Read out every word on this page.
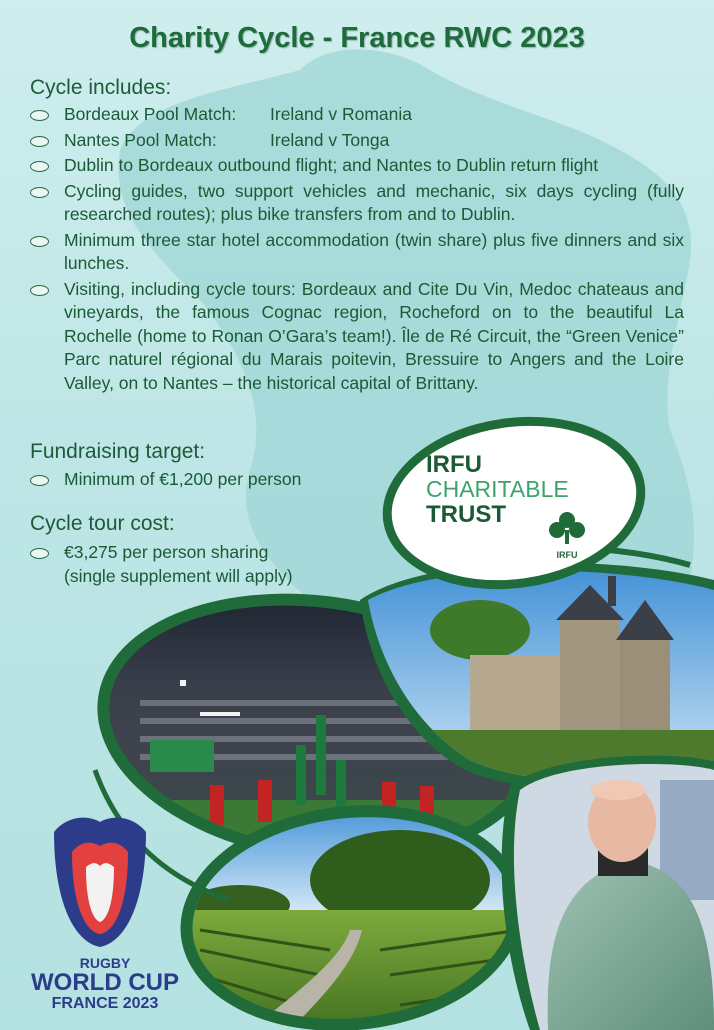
Charity Cycle - France RWC 2023
Cycle includes:
Bordeaux Pool Match: Ireland v Romania
Nantes Pool Match:	Ireland v Tonga
Dublin to Bordeaux outbound flight; and Nantes to Dublin return flight
Cycling guides, two support vehicles and mechanic, six days cycling (fully researched routes); plus bike transfers from and to Dublin.
Minimum three star hotel accommodation (twin share) plus five dinners and six lunches.
Visiting, including cycle tours: Bordeaux and Cite Du Vin, Medoc chateaus and vineyards, the famous Cognac region, Rocheford on to the beautiful La Rochelle (home to Ronan O’Gara’s team!). Île de Ré Circuit, the “Green Venice” Parc naturel régional du Marais poitevin, Bressuire to Angers and the Loire Valley, on to Nantes – the historical capital of Brittany.
Fundraising target:
Minimum of €1,200 per person
Cycle tour cost:
€3,275 per person sharing
(single supplement will apply)
IRFU
CHARITABLE
TRUST
IRFU
RUGBY
WORLD CUP
FRANCE 2023
